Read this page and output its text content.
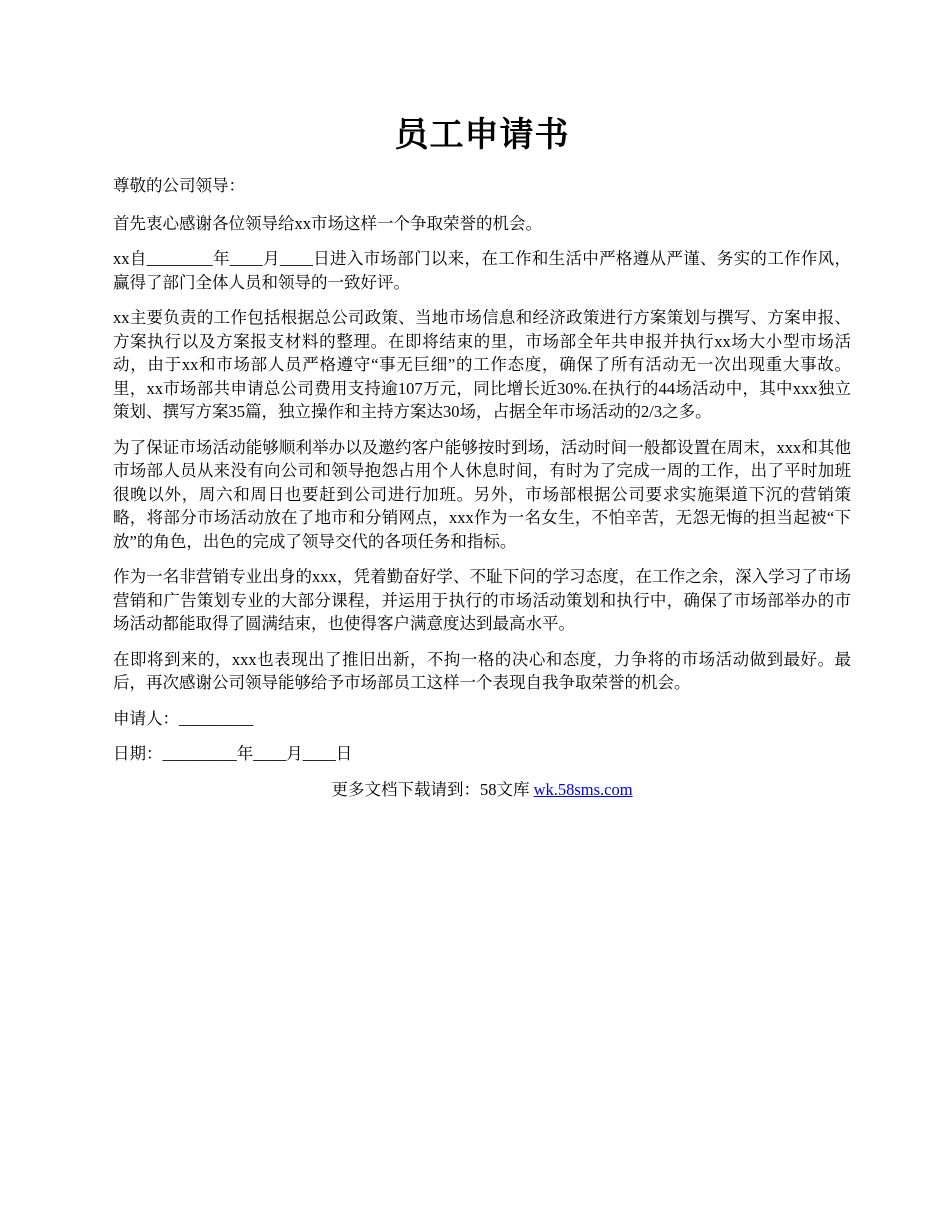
员工申请书

尊敬的公司领导：

首先衷心感谢各位领导给xx市场这样一个争取荣誉的机会。

xx自________年____月____日进入市场部门以来，在工作和生活中严格遵从严谨、务实的工作作风，赢得了部门全体人员和领导的一致好评。

xx主要负责的工作包括根据总公司政策、当地市场信息和经济政策进行方案策划与撰写、方案申报、方案执行以及方案报支材料的整理。在即将结束的里，市场部全年共申报并执行xx场大小型市场活动，由于xx和市场部人员严格遵守“事无巨细”的工作态度，确保了所有活动无一次出现重大事故。里，xx市场部共申请总公司费用支持逾107万元，同比增长近30%.在执行的44场活动中，其中xxx独立策划、撰写方案35篇，独立操作和主持方案达30场，占据全年市场活动的2/3之多。

为了保证市场活动能够顺利举办以及邀约客户能够按时到场，活动时间一般都设置在周末，xxx和其他市场部人员从来没有向公司和领导抱怨占用个人休息时间，有时为了完成一周的工作，出了平时加班很晚以外，周六和周日也要赶到公司进行加班。另外，市场部根据公司要求实施渠道下沉的营销策略，将部分市场活动放在了地市和分销网点，xxx作为一名女生，不怕辛苦，无怨无悔的担当起被“下放”的角色，出色的完成了领导交代的各项任务和指标。

作为一名非营销专业出身的xxx，凭着勤奋好学、不耻下问的学习态度，在工作之余，深入学习了市场营销和广告策划专业的大部分课程，并运用于执行的市场活动策划和执行中，确保了市场部举办的市场活动都能取得了圆满结束，也使得客户满意度达到最高水平。

在即将到来的，xxx也表现出了推旧出新，不拘一格的决心和态度，力争将的市场活动做到最好。最后，再次感谢公司领导能够给予市场部员工这样一个表现自我争取荣誉的机会。

申请人：_________

日期：_________年____月____日

更多文档下载请到：58文库 wk.58sms.com
